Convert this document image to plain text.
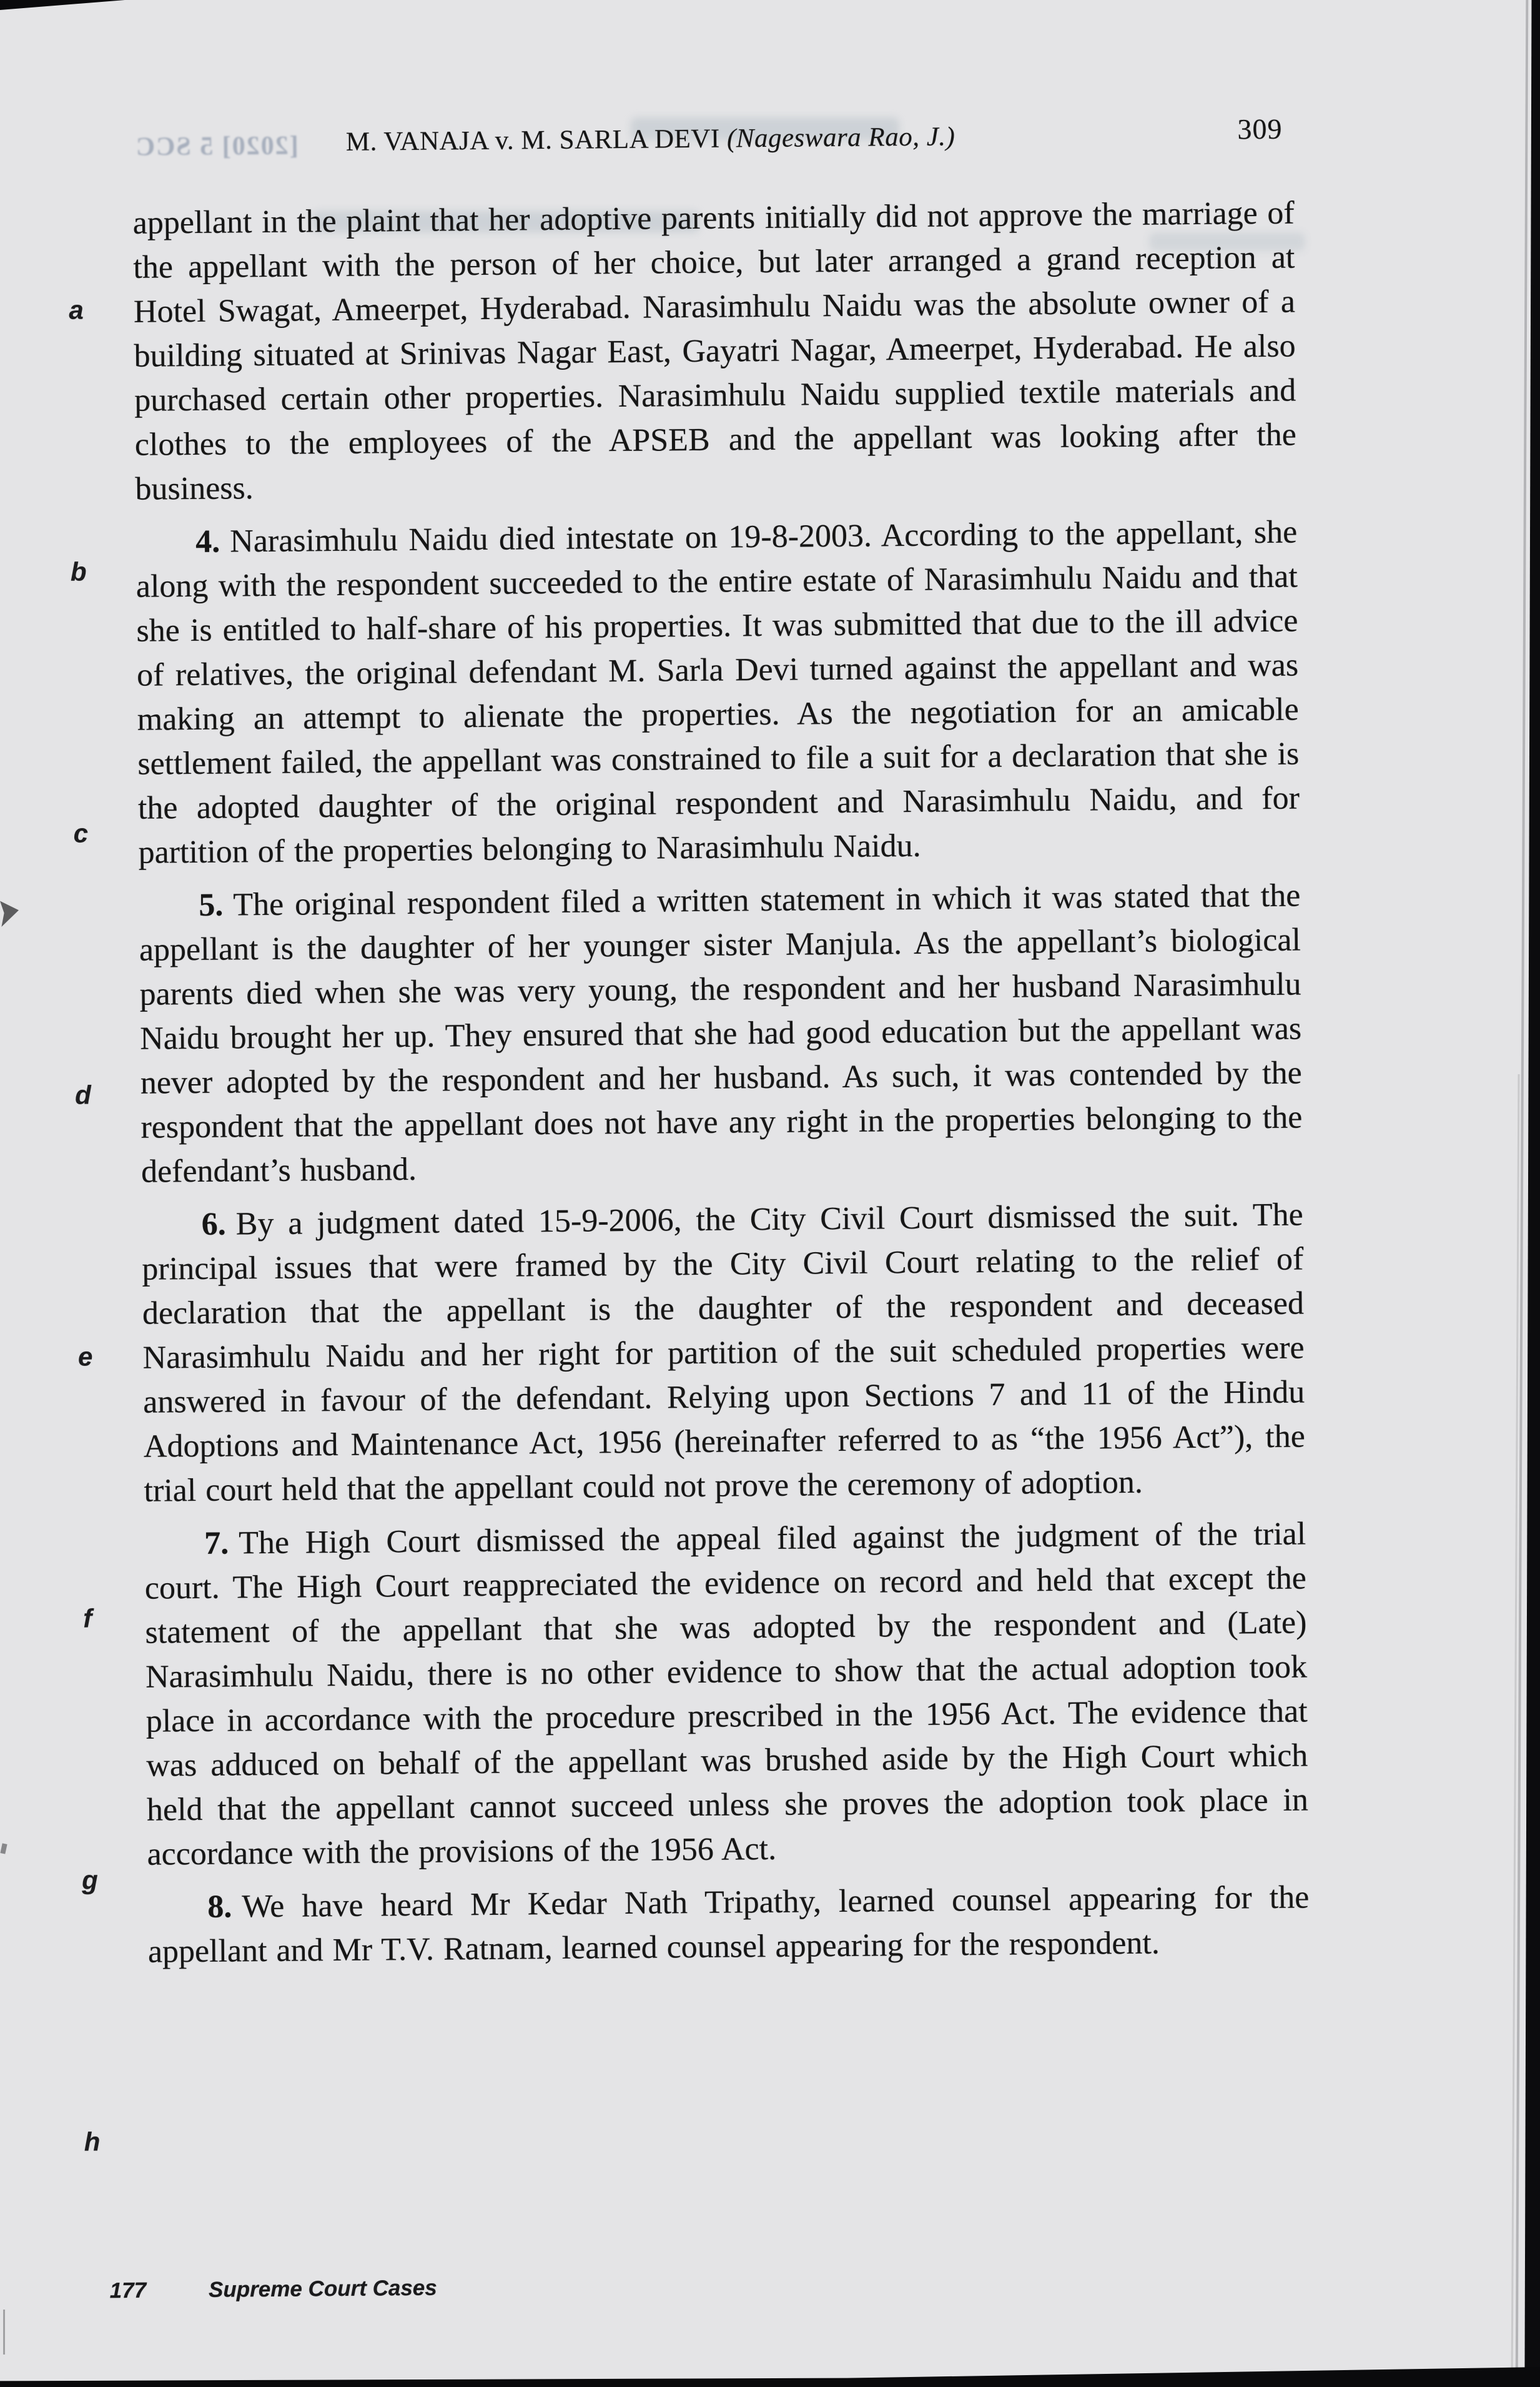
[2020] 5 SCC	M. VANAJA v. M. SARLA DEVI (Nageswara Rao, J.)	309
a
b
c
d
e
f
g
h

appellant in the plaint that her adoptive parents initially did not approve the marriage of the appellant with the person of her choice, but later arranged a grand reception at Hotel Swagat, Ameerpet, Hyderabad. Narasimhulu Naidu was the absolute owner of a building situated at Srinivas Nagar East, Gayatri Nagar, Ameerpet, Hyderabad. He also purchased certain other properties. Narasimhulu Naidu supplied textile materials and clothes to the employees of the APSEB and the appellant was looking after the business.

4. Narasimhulu Naidu died intestate on 19-8-2003. According to the appellant, she along with the respondent succeeded to the entire estate of Narasimhulu Naidu and that she is entitled to half-share of his properties. It was submitted that due to the ill advice of relatives, the original defendant M. Sarla Devi turned against the appellant and was making an attempt to alienate the properties. As the negotiation for an amicable settlement failed, the appellant was constrained to file a suit for a declaration that she is the adopted daughter of the original respondent and Narasimhulu Naidu, and for partition of the properties belonging to Narasimhulu Naidu.

5. The original respondent filed a written statement in which it was stated that the appellant is the daughter of her younger sister Manjula. As the appellant’s biological parents died when she was very young, the respondent and her husband Narasimhulu Naidu brought her up. They ensured that she had good education but the appellant was never adopted by the respondent and her husband. As such, it was contended by the respondent that the appellant does not have any right in the properties belonging to the defendant’s husband.

6. By a judgment dated 15-9-2006, the City Civil Court dismissed the suit. The principal issues that were framed by the City Civil Court relating to the relief of declaration that the appellant is the daughter of the respondent and deceased Narasimhulu Naidu and her right for partition of the suit scheduled properties were answered in favour of the defendant. Relying upon Sections 7 and 11 of the Hindu Adoptions and Maintenance Act, 1956 (hereinafter referred to as “the 1956 Act”), the trial court held that the appellant could not prove the ceremony of adoption.

7. The High Court dismissed the appeal filed against the judgment of the trial court. The High Court reappreciated the evidence on record and held that except the statement of the appellant that she was adopted by the respondent and (Late) Narasimhulu Naidu, there is no other evidence to show that the actual adoption took place in accordance with the procedure prescribed in the 1956 Act. The evidence that was adduced on behalf of the appellant was brushed aside by the High Court which held that the appellant cannot succeed unless she proves the adoption took place in accordance with the provisions of the 1956 Act.

8. We have heard Mr Kedar Nath Tripathy, learned counsel appearing for the appellant and Mr T.V. Ratnam, learned counsel appearing for the respondent.

177	Supreme Court Cases
